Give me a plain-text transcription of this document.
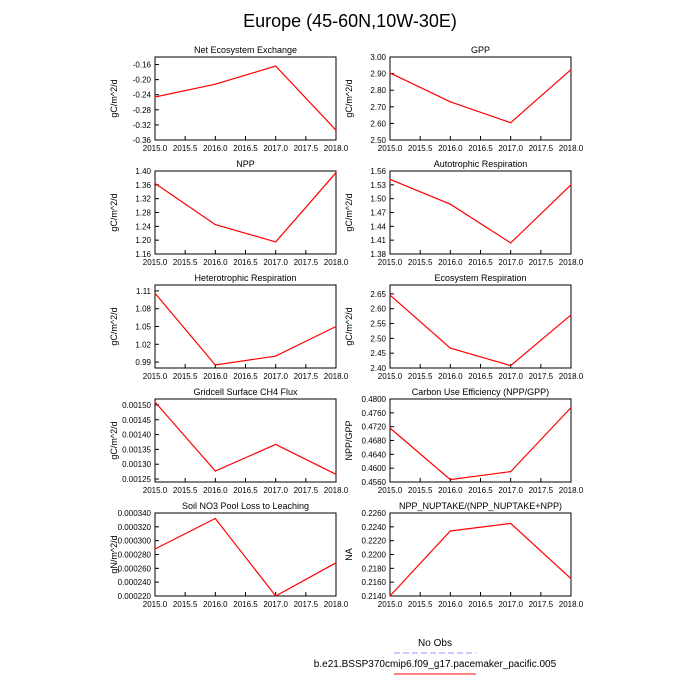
Europe (45-60N,10W-30E)
Net Ecosystem Exchange
gC/m^2/d
2015.0 2015.5 2016.0 2016.5 2017.0 2017.5 2018.0
-0.16
-0.20
-0.24
-0.28
-0.32
-0.36
GPP
gC/m^2/d
2015.0 2015.5 2016.0 2016.5 2017.0 2017.5 2018.0
2.50
2.60
2.70
2.80
2.90
3.00
NPP
gC/m^2/d
2015.0 2015.5 2016.0 2016.5 2017.0 2017.5 2018.0
1.16
1.20
1.24
1.28
1.32
1.36
1.40
Autotrophic Respiration
gC/m^2/d
2015.0 2015.5 2016.0 2016.5 2017.0 2017.5 2018.0
1.38
1.41
1.44
1.47
1.50
1.53
1.56
Heterotrophic Respiration
gC/m^2/d
2015.0 2015.5 2016.0 2016.5 2017.0 2017.5 2018.0
0.99
1.02
1.05
1.08
1.11
Ecosystem Respiration
gC/m^2/d
2015.0 2015.5 2016.0 2016.5 2017.0 2017.5 2018.0
2.40
2.45
2.50
2.55
2.60
2.65
Gridcell Surface CH4 Flux
gC/m^2/d
2015.0 2015.5 2016.0 2016.5 2017.0 2017.5 2018.0
0.00125
0.00130
0.00135
0.00140
0.00145
0.00150
Carbon Use Efficiency (NPP/GPP)
NPP/GPP
2015.0 2015.5 2016.0 2016.5 2017.0 2017.5 2018.0
0.4560
0.4600
0.4640
0.4680
0.4720
0.4760
0.4800
Soil NO3 Pool Loss to Leaching
gN/m^2/d
2015.0 2015.5 2016.0 2016.5 2017.0 2017.5 2018.0
0.000220
0.000240
0.000260
0.000280
0.000300
0.000320
0.000340
NPP_NUPTAKE/(NPP_NUPTAKE+NPP)
NA
2015.0 2015.5 2016.0 2016.5 2017.0 2017.5 2018.0
0.2140
0.2160
0.2180
0.2200
0.2220
0.2240
0.2260
No Obs
b.e21.BSSP370cmip6.f09_g17.pacemaker_pacific.005
